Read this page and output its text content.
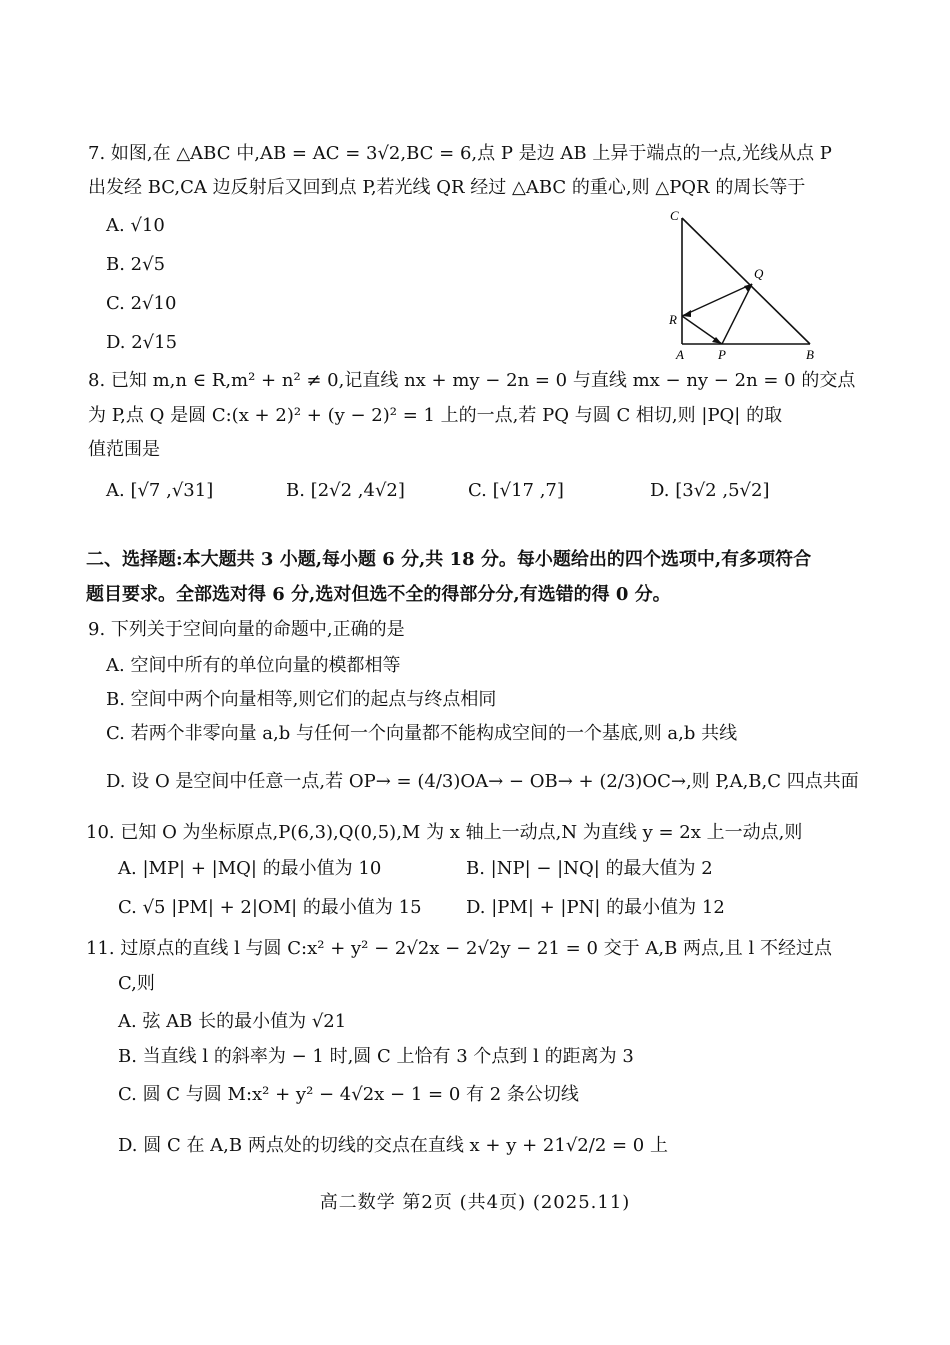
7. 如图,在 △ABC 中,AB = AC = 3√2,BC = 6,点 P 是边 AB 上异于端点的一点,光线从点 P
出发经 BC,CA 边反射后又回到点 P,若光线 QR 经过 △ABC 的重心,则 △PQR 的周长等于
A. √10
B. 2√5
C. 2√10
D. 2√15
C
Q
R
A	P	B
8. 已知 m,n ∈ R,m² + n² ≠ 0,记直线 nx + my − 2n = 0 与直线 mx − ny − 2n = 0 的交点
为 P,点 Q 是圆 C:(x + 2)² + (y − 2)² = 1 上的一点,若 PQ 与圆 C 相切,则 |PQ| 的取
值范围是
A. [√7 ,√31]	B. [2√2 ,4√2]	C. [√17 ,7]	D. [3√2 ,5√2]
二、选择题:本大题共 3 小题,每小题 6 分,共 18 分。每小题给出的四个选项中,有多项符合
题目要求。全部选对得 6 分,选对但选不全的得部分分,有选错的得 0 分。
9. 下列关于空间向量的命题中,正确的是
A. 空间中所有的单位向量的模都相等
B. 空间中两个向量相等,则它们的起点与终点相同
C. 若两个非零向量 a,b 与任何一个向量都不能构成空间的一个基底,则 a,b 共线
D. 设 O 是空间中任意一点,若 OP→ = (4/3)OA→ − OB→ + (2/3)OC→,则 P,A,B,C 四点共面
10. 已知 O 为坐标原点,P(6,3),Q(0,5),M 为 x 轴上一动点,N 为直线 y = 2x 上一动点,则
A. |MP| + |MQ| 的最小值为 10	B. |NP| − |NQ| 的最大值为 2
C. √5 |PM| + 2|OM| 的最小值为 15 D. |PM| + |PN| 的最小值为 12
11. 过原点的直线 l 与圆 C:x² + y² − 2√2x − 2√2y − 21 = 0 交于 A,B 两点,且 l 不经过点
C,则
A. 弦 AB 长的最小值为 √21
B. 当直线 l 的斜率为 − 1 时,圆 C 上恰有 3 个点到 l 的距离为 3
C. 圆 C 与圆 M:x² + y² − 4√2x − 1 = 0 有 2 条公切线
D. 圆 C 在 A,B 两点处的切线的交点在直线 x + y + 21√2/2 = 0 上
高二数学 第2页 (共4页) (2025.11)
